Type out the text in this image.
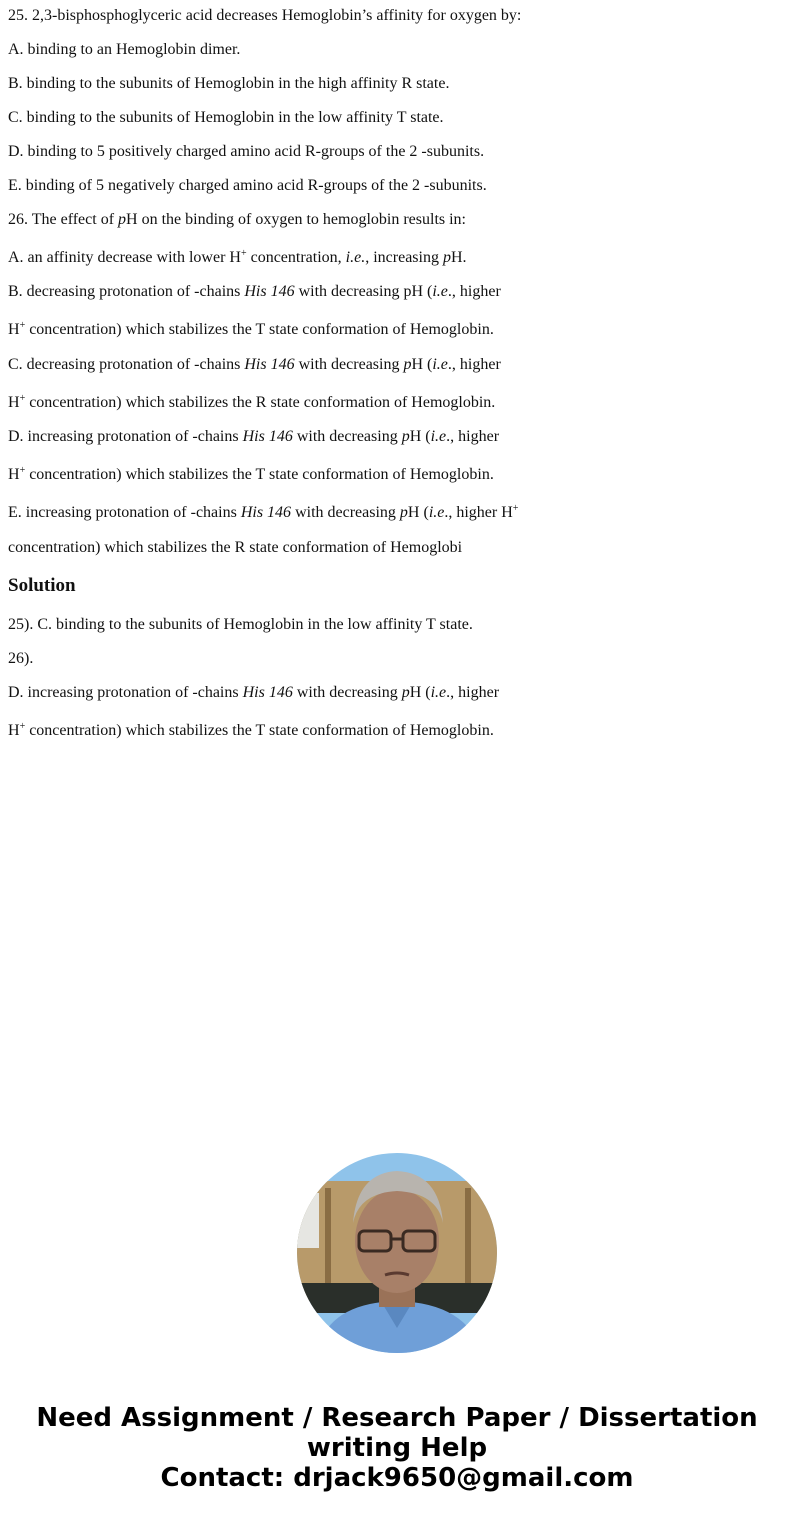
25. 2,3-bisphosphoglyceric acid decreases Hemoglobin’s affinity for oxygen by:
A. binding to an Hemoglobin dimer.
B. binding to the subunits of Hemoglobin in the high affinity R state.
C. binding to the subunits of Hemoglobin in the low affinity T state.
D. binding to 5 positively charged amino acid R-groups of the 2 -subunits.
E. binding of 5 negatively charged amino acid R-groups of the 2 -subunits.
26. The effect of pH on the binding of oxygen to hemoglobin results in:
A. an affinity decrease with lower H+ concentration, i.e., increasing pH.
B. decreasing protonation of -chains His 146 with decreasing pH (i.e., higher
H+ concentration) which stabilizes the T state conformation of Hemoglobin.
C. decreasing protonation of -chains His 146 with decreasing pH (i.e., higher
H+ concentration) which stabilizes the R state conformation of Hemoglobin.
D. increasing protonation of -chains His 146 with decreasing pH (i.e., higher
H+ concentration) which stabilizes the T state conformation of Hemoglobin.
E. increasing protonation of -chains His 146 with decreasing pH (i.e., higher H+
concentration) which stabilizes the R state conformation of Hemoglobi
Solution
25). C. binding to the subunits of Hemoglobin in the low affinity T state.
26).
D. increasing protonation of -chains His 146 with decreasing pH (i.e., higher
H+ concentration) which stabilizes the T state conformation of Hemoglobin.
Need Assignment / Research Paper / Dissertation
writing Help
Contact: drjack9650@gmail.com
